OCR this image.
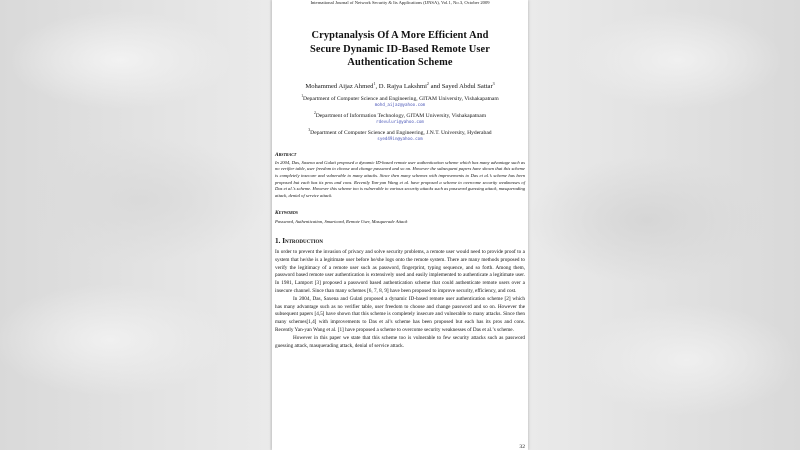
International Journal of Network Security & Its Applications (IJNSA), Vol.1, No.3, October 2009
Cryptanalysis Of A More Efficient And
Secure Dynamic ID-Based Remote User
Authentication Scheme
Mohammed Aijaz Ahmed$^1$, D. Rajya Lakshmi$^2$ and Sayed Abdul Sattar$^3$
$^1$Department of Computer Science and Engineering, GITAM University, Vishakapatnam
mohd_aijaz@yahoo.com
$^2$Department of Information Technology, GITAM University, Vishakapatnam
rdevuluri@yahoo.com
$^3$Department of Computer Science and Engineering, J.N.T. University, Hyderabad
syed49in@yahoo.com
Abstract
In 2004, Das, Saxena and Gulati proposed a dynamic ID-based remote user authentication scheme which has many advantage such as no verifier table, user freedom to choose and change password and so on. However the subsequent papers have shown that this scheme is completely insecure and vulnerable to many attacks. Since then many schemes with improvements to Das et al.’s scheme has been proposed but each has its pros and cons. Recently Yan-yan Wang et al. have proposed a scheme to overcome security weaknesses of Das et al.’s scheme. However this scheme too is vulnerable to various security attacks such as password guessing attack, masquerading attack, denial of service attack.
Keywords
Password, Authentication, Smartcard, Remote User, Masquerade Attack
1. Introduction

In order to prevent the invasion of privacy and solve security problems, a remote user would need to provide proof to a system that he/she is a legitimate user before he/she logs onto the remote system. There are many methods proposed to verify the legitimacy of a remote user such as password, fingerprint, typing sequence, and so forth. Among them, password based remote user authentication is extensively used and easily implemented to authenticate a legitimate user. In 1981, Lamport [3] proposed a password based authentication scheme that could authenticate remote users over a insecure channel. Since than many schemes [6, 7, 8, 9] have been proposed to improve security, efficiency, and cost.

In 2004, Das, Saxena and Gulati proposed a dynamic ID-based remote user authentication scheme [2] which has many advantage such as no verifier table, user freedom to choose and change password and so on. However the subsequent papers [4,5] have shown that this scheme is completely insecure and vulnerable to many attacks. Since then many schemes[1,4] with improvements to Das et al’s scheme has been proposed but each has its pros and cons. Recently Yan-yan Wang et al. [1] have proposed a scheme to overcome security weaknesses of Das et al.’s scheme.

However in this paper we state that this scheme too is vulnerable to few security attacks such as password guessing attack, masquerading attack, denial of service attack.

32
